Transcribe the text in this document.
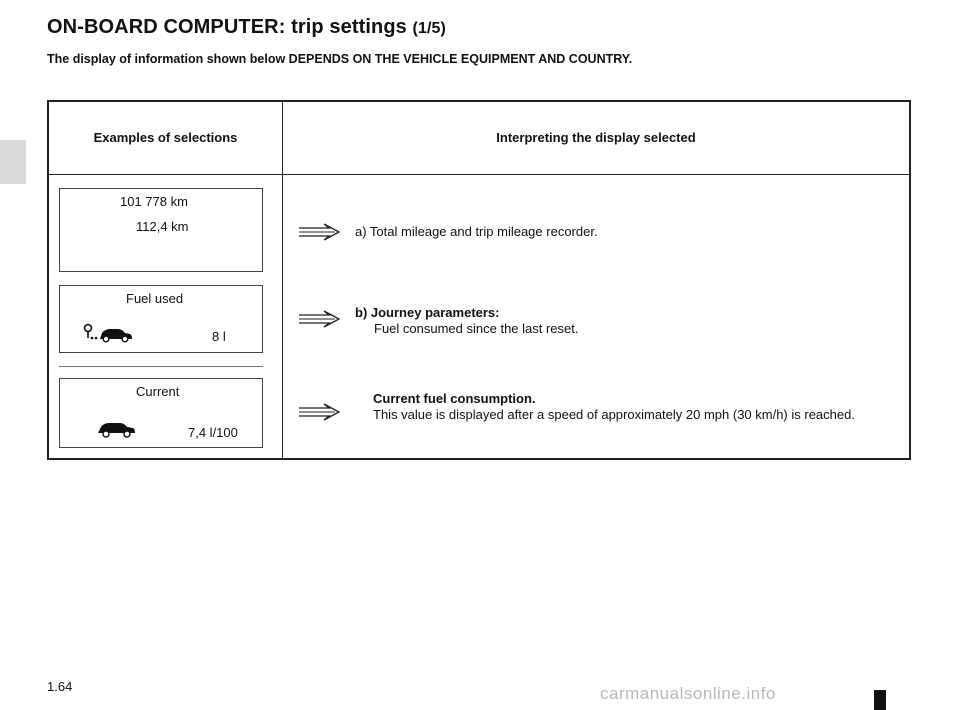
ON-BOARD COMPUTER: trip settings (1/5)

The display of information shown below DEPENDS ON THE VEHICLE EQUIPMENT AND COUNTRY.

Examples of selections	Interpreting the display selected
101 778 km
112,4 km
Fuel used
8 l
Current
7,4 l/100
a) Total mileage and trip mileage recorder.
b) Journey parameters:
Fuel consumed since the last reset.
Current fuel consumption.
This value is displayed after a speed of approximately 20 mph (30 km/h) is reached.
1.64	carmanualsonline.info
